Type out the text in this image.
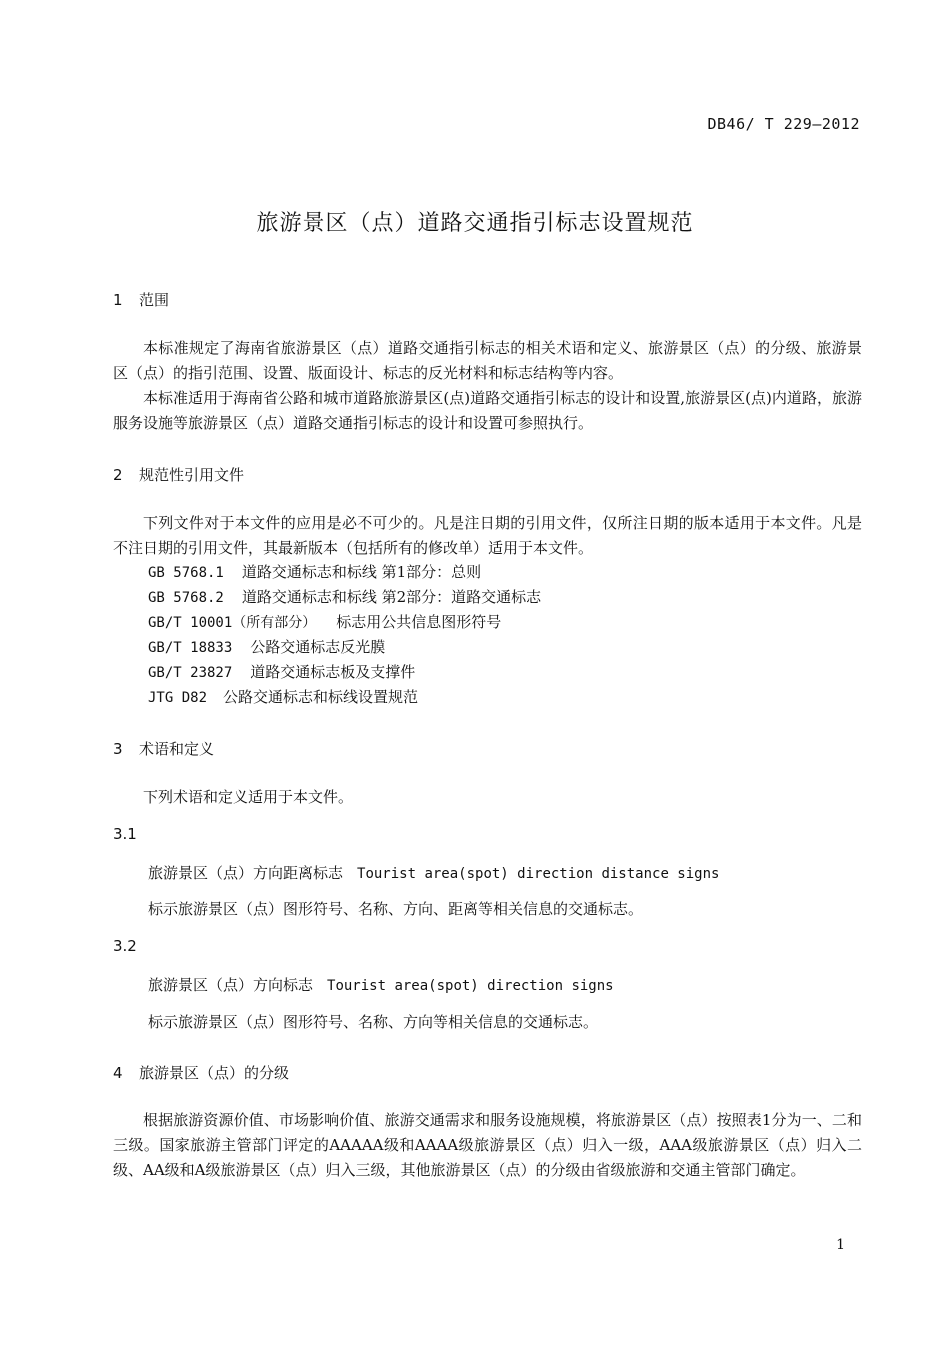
DB46/ T 229—2012
旅游景区（点）道路交通指引标志设置规范
1 范围
本标准规定了海南省旅游景区（点）道路交通指引标志的相关术语和定义、旅游景区（点）的分级、旅游景区（点）的指引范围、设置、版面设计、标志的反光材料和标志结构等内容。
本标准适用于海南省公路和城市道路旅游景区(点)道路交通指引标志的设计和设置,旅游景区(点)内道路，旅游服务设施等旅游景区（点）道路交通指引标志的设计和设置可参照执行。
2 规范性引用文件
下列文件对于本文件的应用是必不可少的。凡是注日期的引用文件，仅所注日期的版本适用于本文件。凡是不注日期的引用文件，其最新版本（包括所有的修改单）适用于本文件。
GB 5768.1 道路交通标志和标线 第1部分：总则
GB 5768.2 道路交通标志和标线 第2部分：道路交通标志
GB/T 10001（所有部分） 标志用公共信息图形符号
GB/T 18833 公路交通标志反光膜
GB/T 23827 道路交通标志板及支撑件
JTG D82 公路交通标志和标线设置规范
3 术语和定义
下列术语和定义适用于本文件。
3.1
旅游景区（点）方向距离标志 Tourist area(spot) direction distance signs
标示旅游景区（点）图形符号、名称、方向、距离等相关信息的交通标志。
3.2
旅游景区（点）方向标志 Tourist area(spot) direction signs
标示旅游景区（点）图形符号、名称、方向等相关信息的交通标志。
4 旅游景区（点）的分级
根据旅游资源价值、市场影响价值、旅游交通需求和服务设施规模，将旅游景区（点）按照表1分为一、二和三级。国家旅游主管部门评定的AAAAA级和AAAA级旅游景区（点）归入一级，AAA级旅游景区（点）归入二级、AA级和A级旅游景区（点）归入三级，其他旅游景区（点）的分级由省级旅游和交通主管部门确定。
1
